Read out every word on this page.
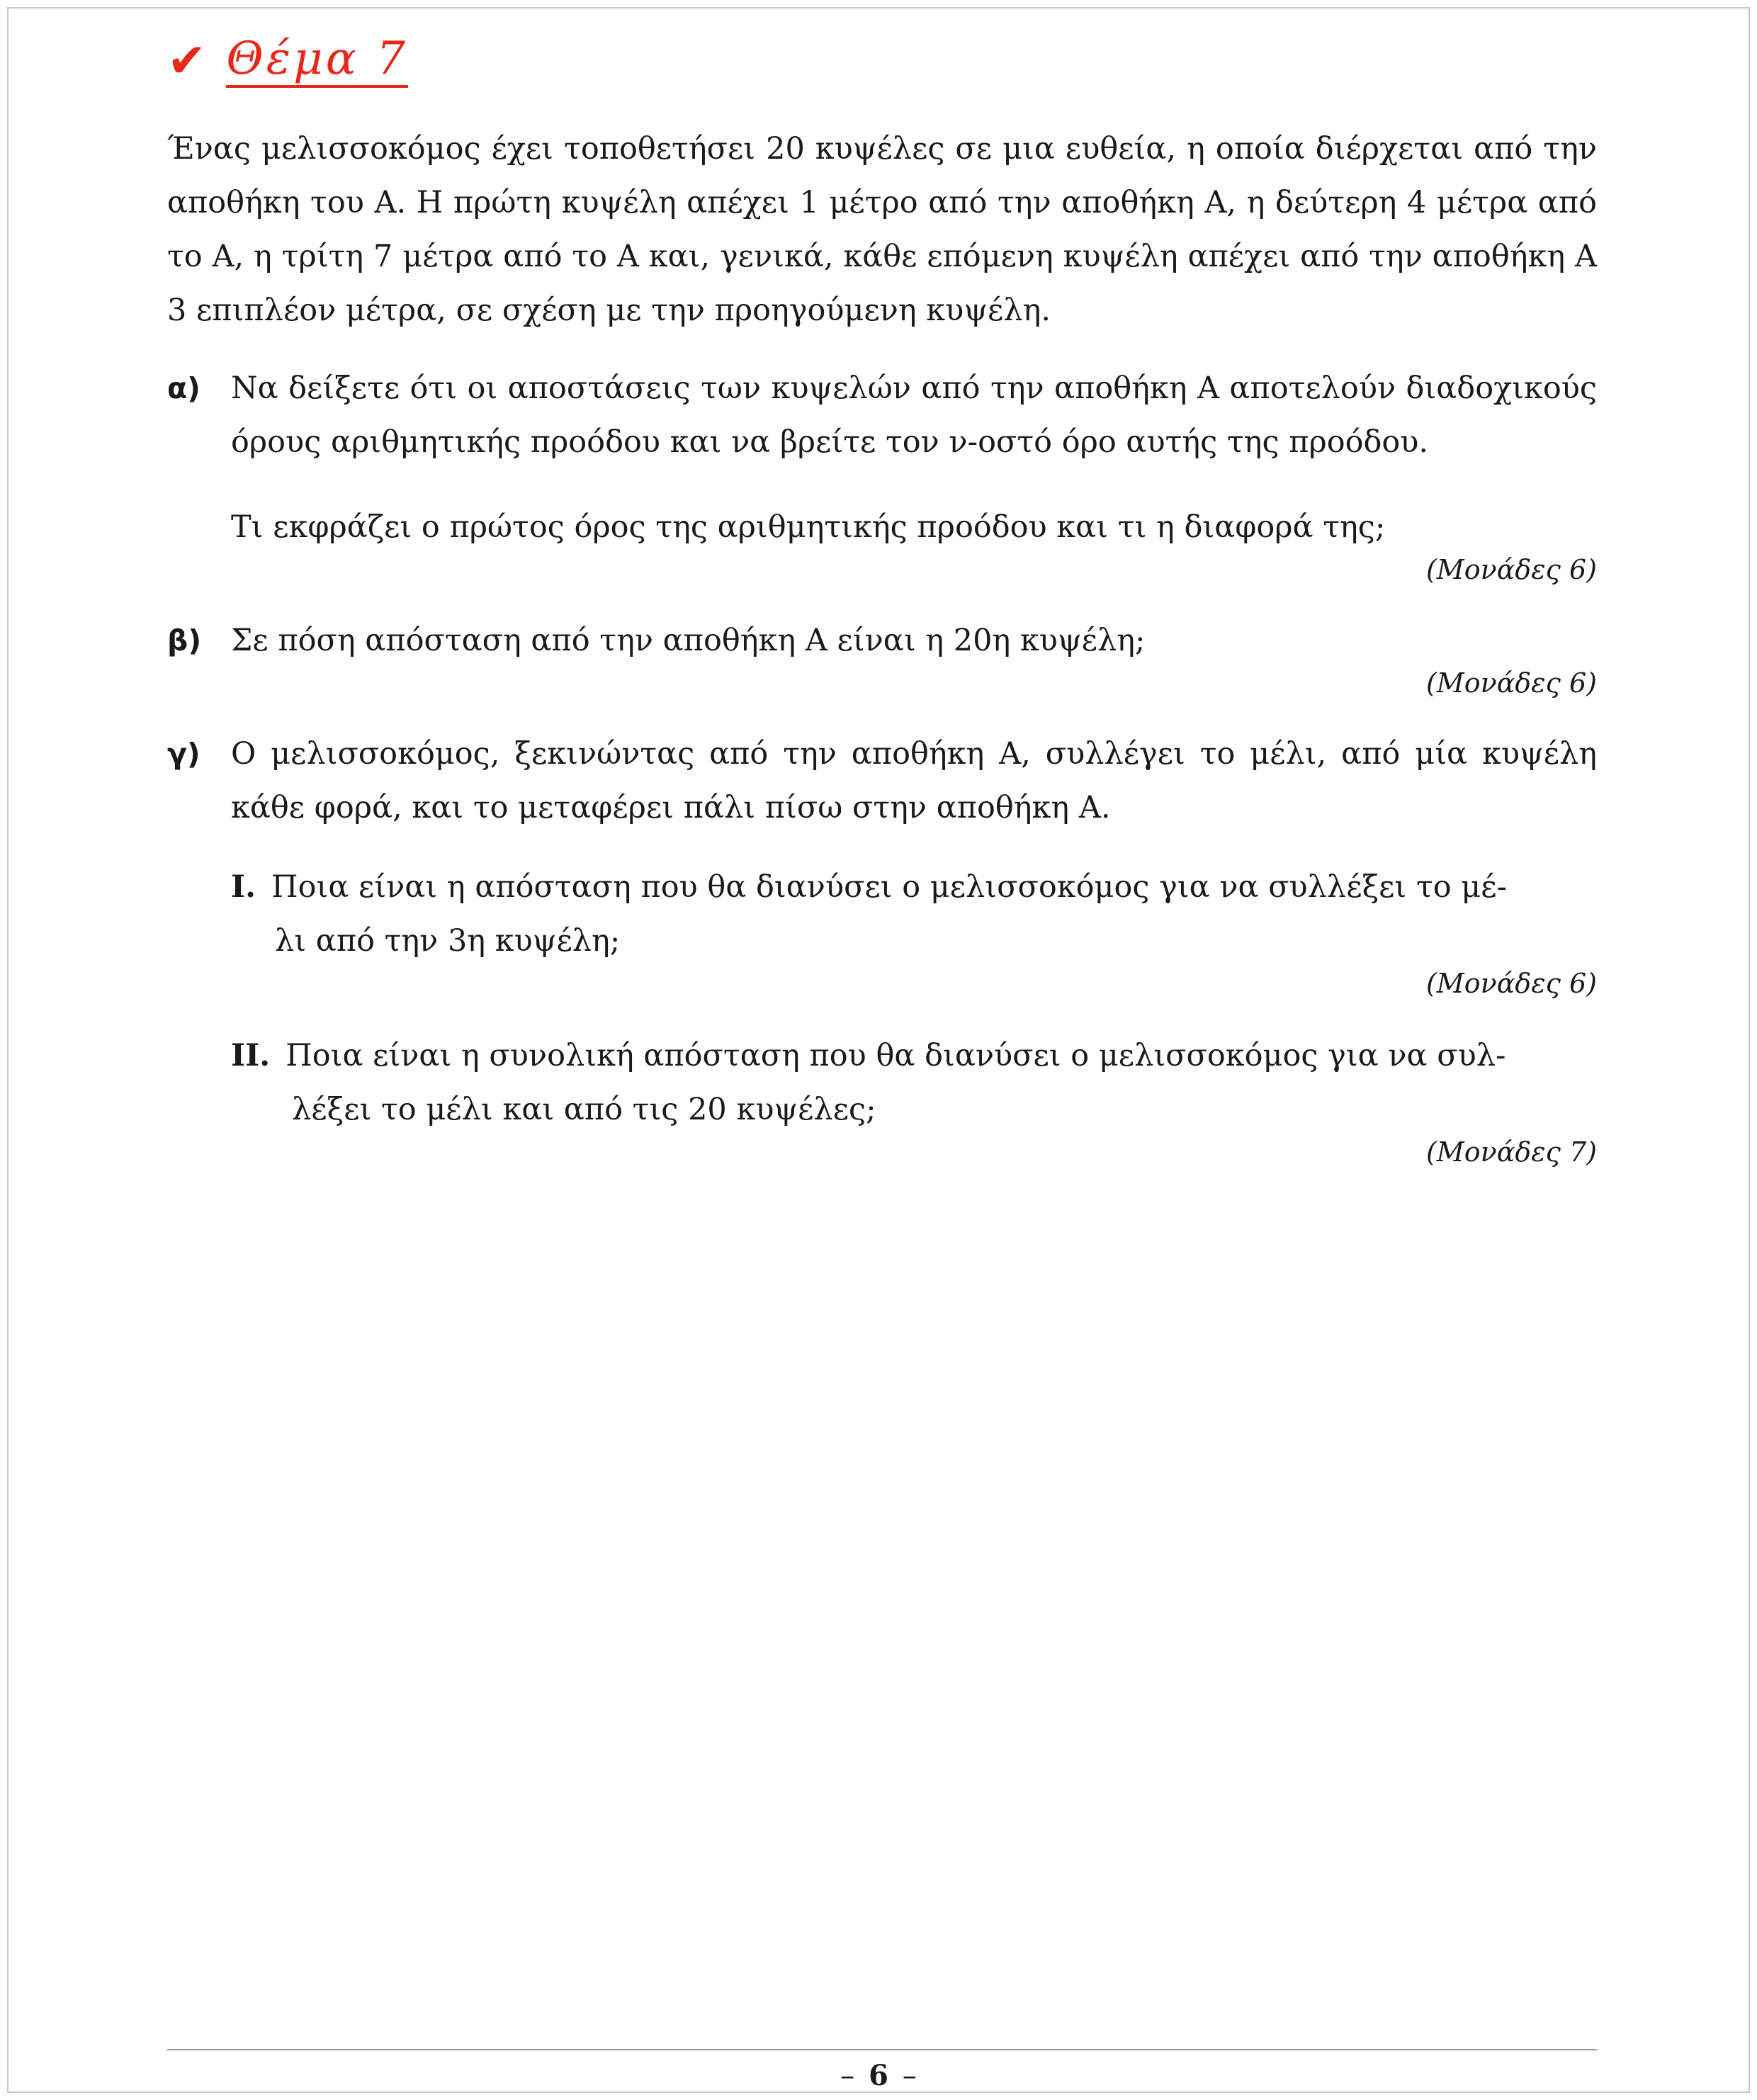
✔ Θέμα 7

Ένας μελισσοκόμος έχει τοποθετήσει 20 κυψέλες σε μια ευθεία, η οποία διέρχεται από την αποθήκη του Α. Η πρώτη κυψέλη απέχει 1 μέτρο από την αποθήκη Α, η δεύτερη 4 μέτρα από το Α, η τρίτη 7 μέτρα από το Α και, γενικά, κάθε επόμενη κυψέλη απέχει από την αποθήκη Α 3 επιπλέον μέτρα, σε σχέση με την προηγούμενη κυψέλη.

α)	Να δείξετε ότι οι αποστάσεις των κυψελών από την αποθήκη Α αποτελούν διαδοχικούς όρους αριθμητικής προόδου και να βρείτε τον ν-οστό όρο αυτής της προόδου.

Τι εκφράζει ο πρώτος όρος της αριθμητικής προόδου και τι η διαφορά της;

(Μονάδες 6)
β) Σε πόση απόσταση από την αποθήκη Α είναι η 20η κυψέλη;

(Μονάδες 6)
γ)	Ο μελισσοκόμος, ξεκινώντας από την αποθήκη Α, συλλέγει το μέλι, από μία κυψέλη κάθε φορά, και το μεταφέρει πάλι πίσω στην αποθήκη Α.

I. Ποια είναι η απόσταση που θα διανύσει ο μελισσοκόμος για να συλλέξει το μέ-
λι από την 3η κυψέλη;
(Μονάδες 6)
II. Ποια είναι η συνολική απόσταση που θα διανύσει ο μελισσοκόμος για να συλ-
λέξει το μέλι και από τις 20 κυψέλες;
(Μονάδες 7)
– 6 –
